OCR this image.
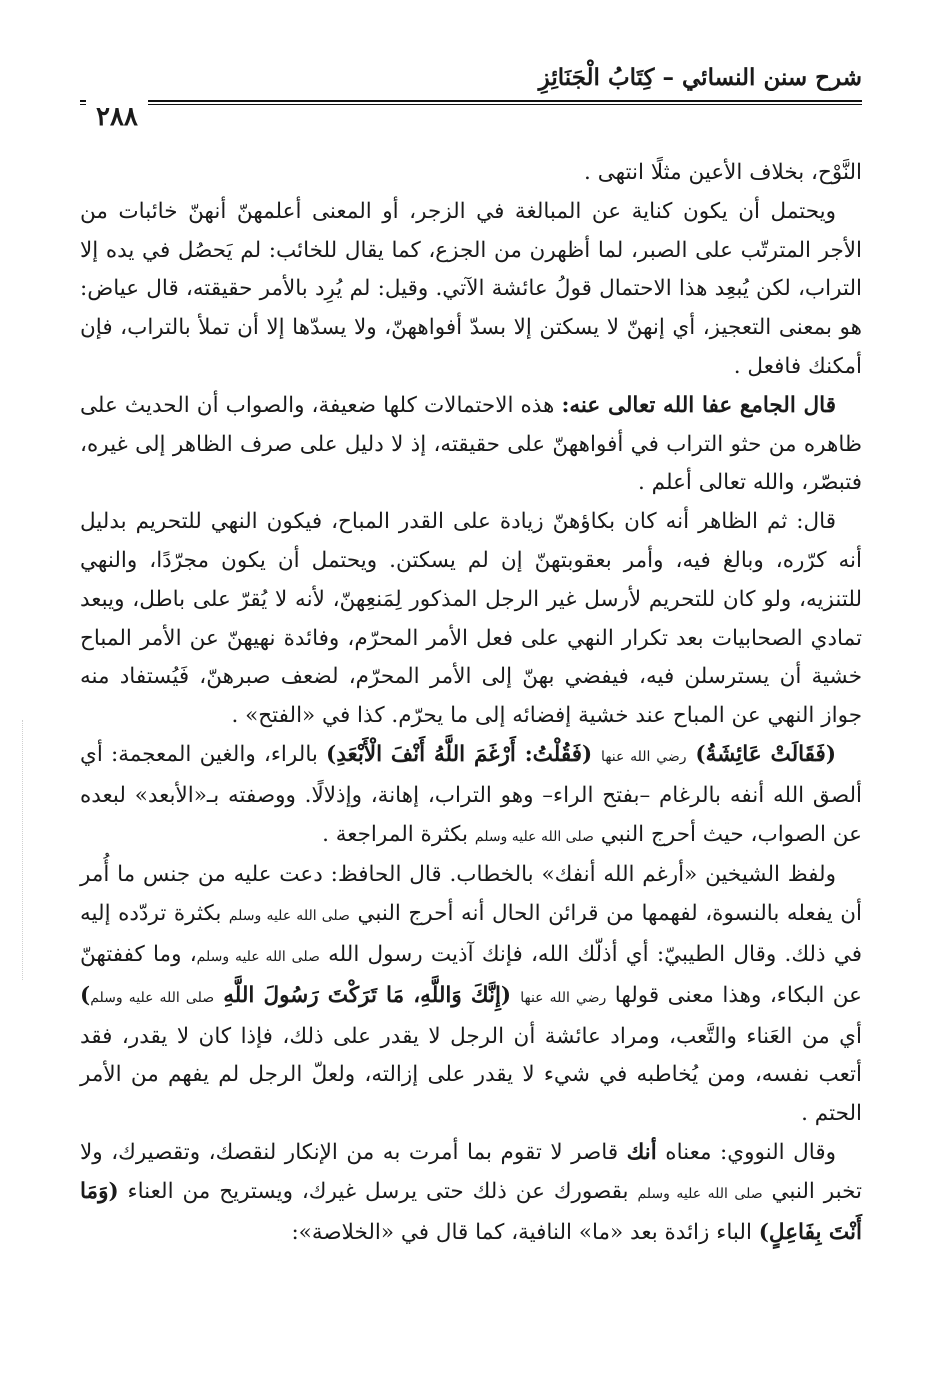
شرح سنن النسائي – كِتَابُ الْجَنَائِزِ
٢٨٨

النَّوْح، بخلاف الأعين مثلًا انتهى .

ويحتمل أن يكون كناية عن المبالغة في الزجر، أو المعنى أعلمهنّ أنهنّ خائبات من الأجر المترتّب على الصبر، لما أظهرن من الجزع، كما يقال للخائب: لم يَحصُل في يده إلا التراب، لكن يُبعِد هذا الاحتمال قولُ عائشة الآتي. وقيل: لم يُرِد بالأمر حقيقته، قال عياض: هو بمعنى التعجيز، أي إنهنّ لا يسكتن إلا بسدّ أفواههنّ، ولا يسدّها إلا أن تملأ بالتراب، فإن أمكنك فافعل .

قال الجامع عفا الله تعالى عنه: هذه الاحتمالات كلها ضعيفة، والصواب أن الحديث على ظاهره من حثو التراب في أفواههنّ على حقيقته، إذ لا دليل على صرف الظاهر إلى غيره، فتبصّر، والله تعالى أعلم .

قال: ثم الظاهر أنه كان بكاؤهنّ زيادة على القدر المباح، فيكون النهي للتحريم بدليل أنه كرّره، وبالغ فيه، وأمر بعقوبتهنّ إن لم يسكتن. ويحتمل أن يكون مجرّدًا، والنهي للتنزيه، ولو كان للتحريم لأرسل غير الرجل المذكور لِمَنعِهنّ، لأنه لا يُقرّ على باطل، ويبعد تمادي الصحابيات بعد تكرار النهي على فعل الأمر المحرّم، وفائدة نهيهنّ عن الأمر المباح خشية أن يسترسلن فيه، فيفضي بهنّ إلى الأمر المحرّم، لضعف صبرهنّ، فَيُستفاد منه جواز النهي عن المباح عند خشية إفضائه إلى ما يحرّم. كذا في «الفتح» .

(فَقَالَتْ عَائِشَةُ) رضي الله عنها (فَقُلْتُ: أَرْغَمَ اللَّهُ أَنْفَ الْأَبْعَدِ) بالراء، والغين المعجمة: أي ألصق الله أنفه بالرغام –بفتح الراء– وهو التراب، إهانة، وإذلالًا. ووصفته بـ«الأبعد» لبعده عن الصواب، حيث أحرج النبي صلى الله عليه وسلم بكثرة المراجعة .

ولفظ الشيخين «أرغم الله أنفك» بالخطاب. قال الحافظ: دعت عليه من جنس ما أُمر أن يفعله بالنسوة، لفهمها من قرائن الحال أنه أحرج النبي صلى الله عليه وسلم بكثرة تردّده إليه في ذلك. وقال الطيبيّ: أي أذلّك الله، فإنك آذيت رسول الله صلى الله عليه وسلم، وما كففتهنّ عن البكاء، وهذا معنى قولها رضي الله عنها (إِنَّكَ وَاللَّهِ، مَا تَرَكْتَ رَسُولَ اللَّهِ صلى الله عليه وسلم) أي من العَناء والتَّعب، ومراد عائشة أن الرجل لا يقدر على ذلك، فإذا كان لا يقدر، فقد أتعب نفسه، ومن يُخاطبه في شيء لا يقدر على إزالته، ولعلّ الرجل لم يفهم من الأمر الحتم .

وقال النووي: معناه أنك قاصر لا تقوم بما أمرت به من الإنكار لنقصك، وتقصيرك، ولا تخبر النبي صلى الله عليه وسلم بقصورك عن ذلك حتى يرسل غيرك، ويستريح من العناء (وَمَا أَنْتَ بِفَاعِلٍ) الباء زائدة بعد «ما» النافية، كما قال في «الخلاصة»:
